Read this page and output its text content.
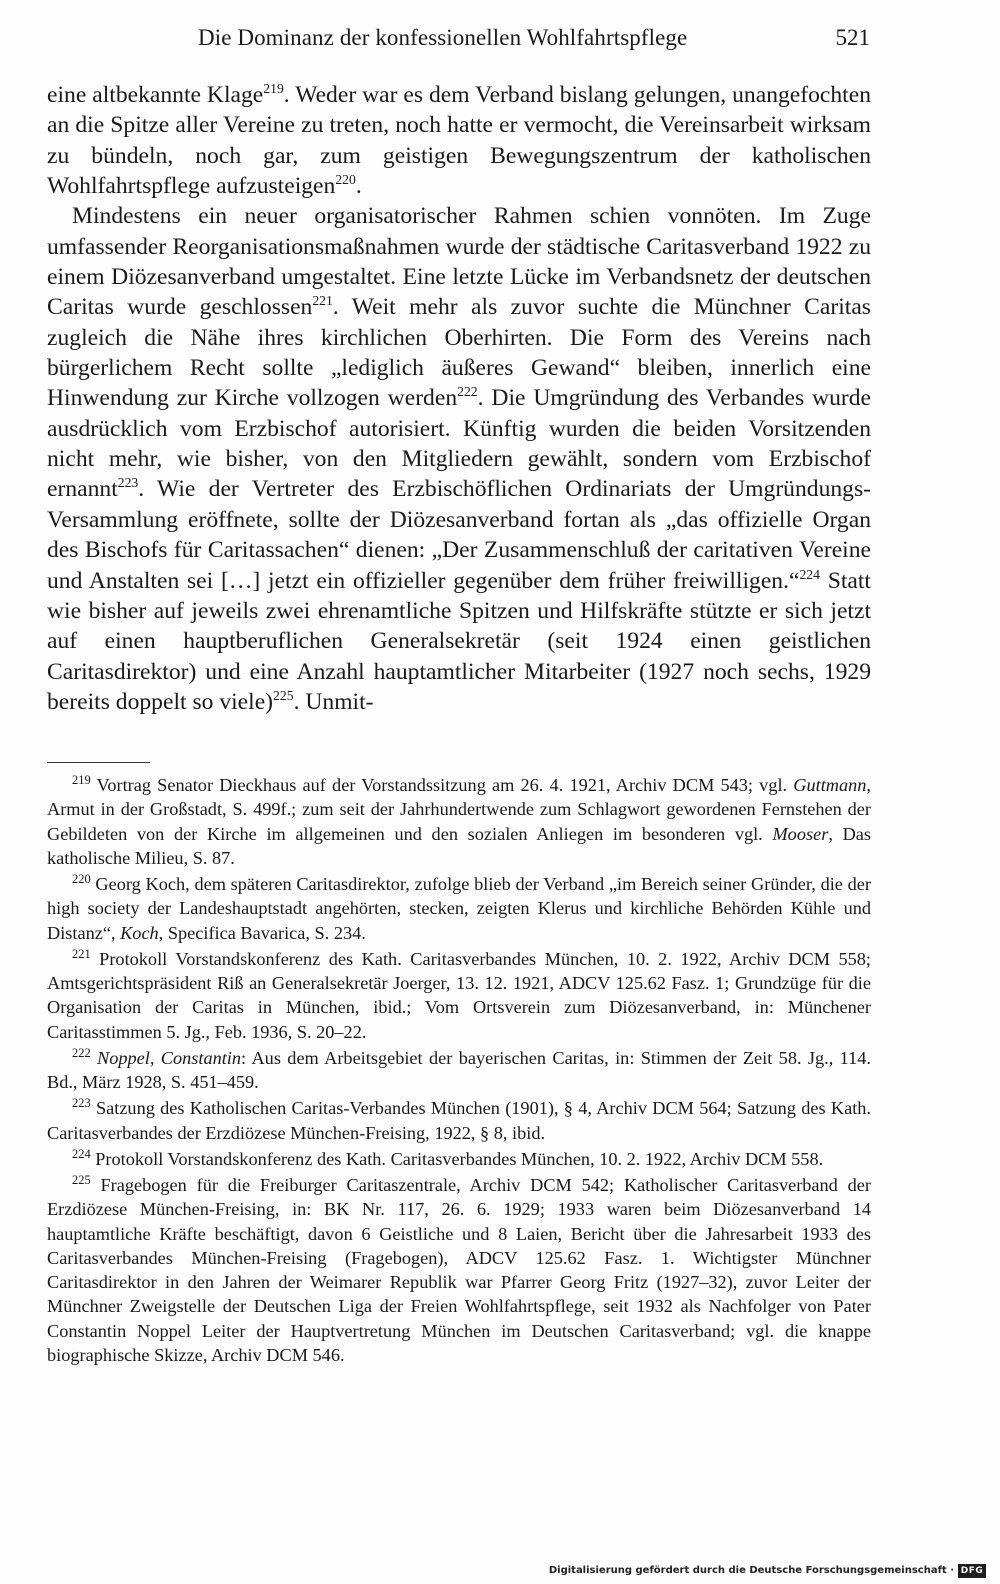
Die Dominanz der konfessionellen Wohlfahrtspflege	521

eine altbekannte Klage$^{219}$. Weder war es dem Verband bislang gelungen, unangefochten an die Spitze aller Vereine zu treten, noch hatte er vermocht, die Vereinsarbeit wirksam zu bündeln, noch gar, zum geistigen Bewegungszentrum der katholischen Wohlfahrtspflege aufzusteigen$^{220}$.

Mindestens ein neuer organisatorischer Rahmen schien vonnöten. Im Zuge umfassender Reorganisationsmaßnahmen wurde der städtische Caritasverband 1922 zu einem Diözesanverband umgestaltet. Eine letzte Lücke im Verbandsnetz der deutschen Caritas wurde geschlossen$^{221}$. Weit mehr als zuvor suchte die Münchner Caritas zugleich die Nähe ihres kirchlichen Oberhirten. Die Form des Vereins nach bürgerlichem Recht sollte „lediglich äußeres Gewand“ bleiben, innerlich eine Hinwendung zur Kirche vollzogen werden$^{222}$. Die Umgründung des Verbandes wurde ausdrücklich vom Erzbischof autorisiert. Künftig wurden die beiden Vorsitzenden nicht mehr, wie bisher, von den Mitgliedern gewählt, sondern vom Erzbischof ernannt$^{223}$. Wie der Vertreter des Erzbischöflichen Ordinariats der Umgründungs-Versammlung eröffnete, sollte der Diözesanverband fortan als „das offizielle Organ des Bischofs für Caritassachen“ dienen: „Der Zusammenschluß der caritativen Vereine und Anstalten sei […] jetzt ein offizieller gegenüber dem früher freiwilligen.“$^{224}$ Statt wie bisher auf jeweils zwei ehrenamtliche Spitzen und Hilfskräfte stützte er sich jetzt auf einen hauptberuflichen Generalsekretär (seit 1924 einen geistlichen Caritasdirektor) und eine Anzahl hauptamtlicher Mitarbeiter (1927 noch sechs, 1929 bereits doppelt so viele)$^{225}$. Unmit-

$^{219}$ Vortrag Senator Dieckhaus auf der Vorstandssitzung am 26. 4. 1921, Archiv DCM 543; vgl. Guttmann, Armut in der Großstadt, S. 499f.; zum seit der Jahrhundertwende zum Schlagwort gewordenen Fernstehen der Gebildeten von der Kirche im allgemeinen und den sozialen Anliegen im besonderen vgl. Mooser, Das katholische Milieu, S. 87.

$^{220}$ Georg Koch, dem späteren Caritasdirektor, zufolge blieb der Verband „im Bereich seiner Gründer, die der high society der Landeshauptstadt angehörten, stecken, zeigten Klerus und kirchliche Behörden Kühle und Distanz“, Koch, Specifica Bavarica, S. 234.

$^{221}$ Protokoll Vorstandskonferenz des Kath. Caritasverbandes München, 10. 2. 1922, Archiv DCM 558; Amtsgerichtspräsident Riß an Generalsekretär Joerger, 13. 12. 1921, ADCV 125.62 Fasz. 1; Grundzüge für die Organisation der Caritas in München, ibid.; Vom Ortsverein zum Diözesanverband, in: Münchener Caritasstimmen 5. Jg., Feb. 1936, S. 20–22.

$^{222}$ Noppel, Constantin: Aus dem Arbeitsgebiet der bayerischen Caritas, in: Stimmen der Zeit 58. Jg., 114. Bd., März 1928, S. 451–459.

$^{223}$ Satzung des Katholischen Caritas-Verbandes München (1901), § 4, Archiv DCM 564; Satzung des Kath. Caritasverbandes der Erzdiözese München-Freising, 1922, § 8, ibid.

$^{224}$ Protokoll Vorstandskonferenz des Kath. Caritasverbandes München, 10. 2. 1922, Archiv DCM 558.

$^{225}$ Fragebogen für die Freiburger Caritaszentrale, Archiv DCM 542; Katholischer Caritasverband der Erzdiözese München-Freising, in: BK Nr. 117, 26. 6. 1929; 1933 waren beim Diözesanverband 14 hauptamtliche Kräfte beschäftigt, davon 6 Geistliche und 8 Laien, Bericht über die Jahresarbeit 1933 des Caritasverbandes München-Freising (Fragebogen), ADCV 125.62 Fasz. 1. Wichtigster Münchner Caritasdirektor in den Jahren der Weimarer Republik war Pfarrer Georg Fritz (1927–32), zuvor Leiter der Münchner Zweigstelle der Deutschen Liga der Freien Wohlfahrtspflege, seit 1932 als Nachfolger von Pater Constantin Noppel Leiter der Hauptvertretung München im Deutschen Caritasverband; vgl. die knappe biographische Skizze, Archiv DCM 546.

Digitalisierung gefördert durch die Deutsche Forschungsgemeinschaft · DFG
